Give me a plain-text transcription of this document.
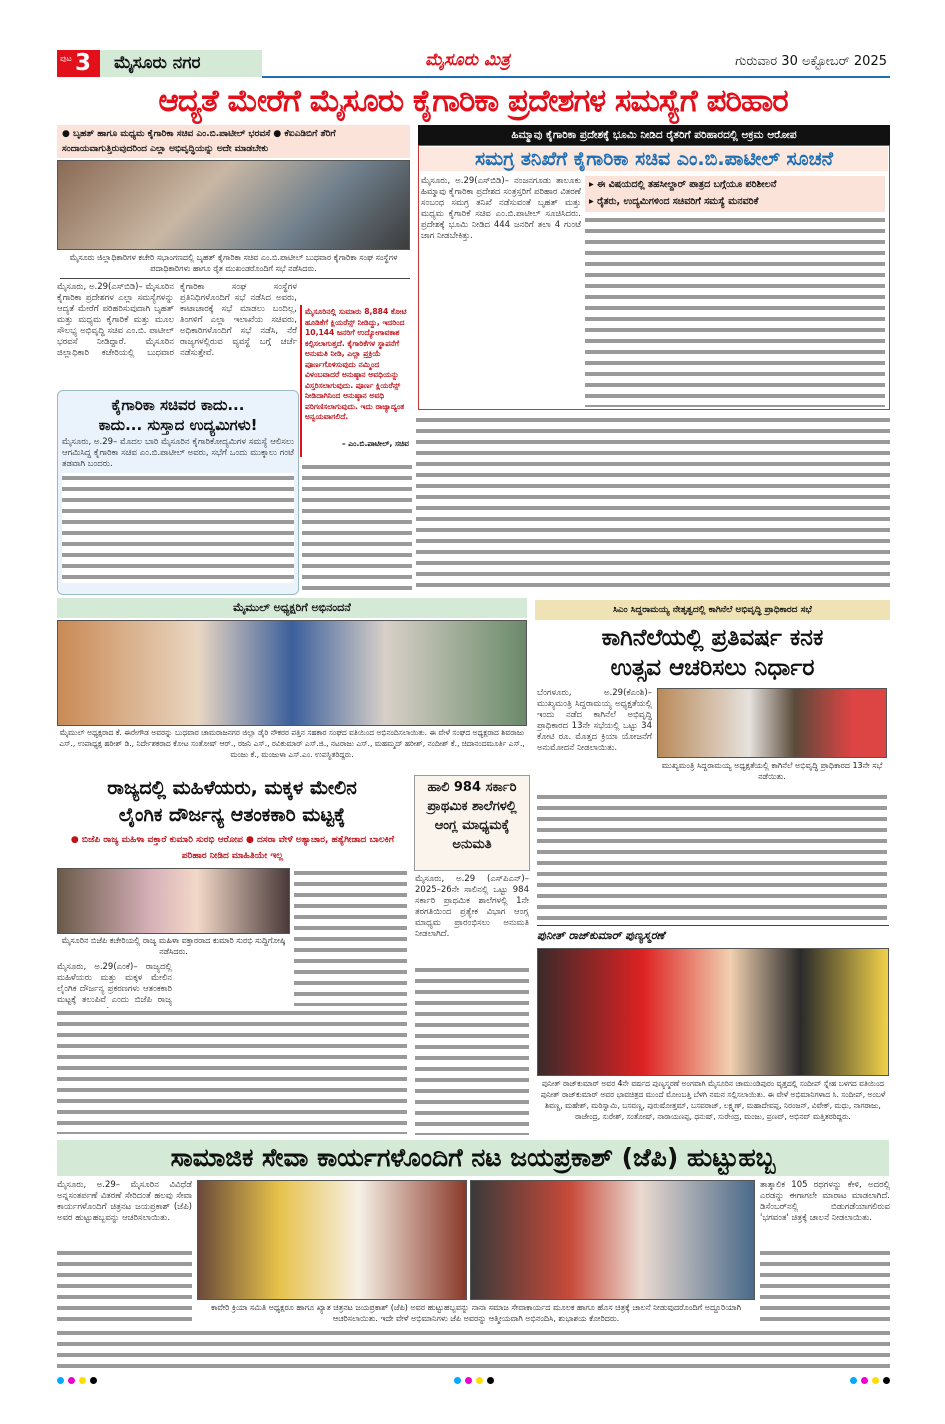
ಪುಟ 3	ಮೈಸೂರು ನಗರ	ಮೈಸೂರು ಮಿತ್ರ	ಗುರುವಾರ 30 ಅಕ್ಟೋಬರ್ 2025
ಆದ್ಯತೆ ಮೇರೆಗೆ ಮೈಸೂರು ಕೈಗಾರಿಕಾ ಪ್ರದೇಶಗಳ ಸಮಸ್ಯೆಗೆ ಪರಿಹಾರ
● ಬೃಹತ್ ಹಾಗೂ ಮಧ್ಯಮ ಕೈಗಾರಿಕಾ ಸಚಿವ ಎಂ.ಬಿ.ಪಾಟೀಲ್ ಭರವಸೆ ● ಕೆಐಎಡಿಬಿಗೆ ತೆರಿಗೆ ಸಂದಾಯವಾಗುತ್ತಿರುವುದರಿಂದ ಎಲ್ಲಾ ಅಭಿವೃದ್ಧಿಯನ್ನು ಅದೇ ಮಾಡಬೇಕು
ಮೈಸೂರು ಜಿಲ್ಲಾಧಿಕಾರಿಗಳ ಕಚೇರಿ ಸಭಾಂಗಣದಲ್ಲಿ ಬೃಹತ್ ಕೈಗಾರಿಕಾ ಸಚಿವ ಎಂ.ಬಿ.ಪಾಟೀಲ್ ಬುಧವಾರ ಕೈಗಾರಿಕಾ ಸಂಘ ಸಂಸ್ಥೆಗಳ ಪದಾಧಿಕಾರಿಗಳು ಹಾಗೂ ರೈತ ಮುಖಂಡರೊಂದಿಗೆ ಸಭೆ ನಡೆಸಿದರು.
ಮೈಸೂರು, ಅ.29(ಎಸ್‌ಬಿಡಿ)– ಮೈಸೂರಿನ ಕೈಗಾರಿಕಾ ಪ್ರದೇಶಗಳ ಎಲ್ಲಾ ಸಮಸ್ಯೆಗಳನ್ನು ಆದ್ಯತೆ ಮೇರೆಗೆ ಪರಿಹರಿಸುವುದಾಗಿ ಬೃಹತ್ ಮತ್ತು ಮಧ್ಯಮ ಕೈಗಾರಿಕೆ ಮತ್ತು ಮೂಲ ಸೌಲಭ್ಯ ಅಭಿವೃದ್ಧಿ ಸಚಿವ ಎಂ.ಬಿ. ಪಾಟೀಲ್ ಭರವಸೆ ನೀಡಿದ್ದಾರೆ. ಮೈಸೂರಿನ ಜಿಲ್ಲಾಧಿಕಾರಿ ಕಚೇರಿಯಲ್ಲಿ ಬುಧವಾರ ಕೈಗಾರಿಕಾ ಸಂಘ ಸಂಸ್ಥೆಗಳ ಪ್ರತಿನಿಧಿಗಳೊಂದಿಗೆ ಸಭೆ ನಡೆಸಿದ ಅವರು, ಕಾಟಾಚಾರಕ್ಕೆ ಸಭೆ ಮಾಡಲು ಬಂದಿಲ್ಲ, ತಿಂಗಳಿಗೆ ಎಲ್ಲಾ ಇಲಾಖೆಯ ಸಚಿವರು, ಅಧಿಕಾರಿಗಳೊಂದಿಗೆ ಸಭೆ ನಡೆಸಿ, ನೆರೆ ರಾಜ್ಯಗಳಲ್ಲಿರುವ ವ್ಯವಸ್ಥೆ ಬಗ್ಗೆ ಚರ್ಚೆ ನಡೆಸುತ್ತೇವೆ.
ಮೈಸೂರಿನಲ್ಲಿ ಸುಮಾರು 8,884 ಕೋಟಿ ಹೂಡಿಕೆಗೆ ಕ್ಲಿಯರೆನ್ಸ್ ನೀಡಿದ್ದು, ಇದರಿಂದ 10,144 ಜನರಿಗೆ ಉದ್ಯೋಗಾವಕಾಶ ಕಲ್ಪಿಸಲಾಗುತ್ತದೆ. ಕೈಗಾರಿಕೆಗಳ ಸ್ಥಾಪನೆಗೆ ಅನುಮತಿ ನೀಡಿ, ಎಲ್ಲಾ ಪ್ರಕ್ರಿಯೆ ಪೂರ್ಣಗೊಳಿಸುವುದು ನಮ್ಮಿಂದ ವಿಳಂಬವಾದರೆ ಅನುಷ್ಠಾನ ಅವಧಿಯನ್ನು ವಿಸ್ತರಿಸಲಾಗುವುದು. ಪೂರ್ಣ ಕ್ಲಿಯರೆನ್ಸ್ ನೀಡಿದಾಗಿನಿಂದ ಅನುಷ್ಠಾನ ಅವಧಿ ಪರಿಗಣಿಸಲಾಗುವುದು. ಇದು ರಾಜ್ಯಾದ್ಯಂತ ಅನ್ವಯವಾಗಲಿದೆ.
– ಎಂ.ಬಿ.ಪಾಟೀಲ್, ಸಚಿವ
ಕೈಗಾರಿಕಾ ಸಚಿವರ ಕಾದು...
ಕಾದು... ಸುಸ್ತಾದ ಉದ್ಯಮಿಗಳು!
ಮೈಸೂರು, ಅ.29– ಮೊದಲ ಬಾರಿ ಮೈಸೂರಿನ ಕೈಗಾರಿಕೋದ್ಯಮಿಗಳ ಸಮಸ್ಯೆ ಆಲಿಸಲು ಆಗಮಿಸಿದ್ದ ಕೈಗಾರಿಕಾ ಸಚಿವ ಎಂ.ಬಿ.ಪಾಟೀಲ್ ಅವರು, ಸಭೆಗೆ ಒಂದು ಮುಕ್ಕಾಲು ಗಂಟೆ ತಡವಾಗಿ ಬಂದರು.
ಹಿಮ್ಮಾವು ಕೈಗಾರಿಕಾ ಪ್ರದೇಶಕ್ಕೆ ಭೂಮಿ ನೀಡಿದ ರೈತರಿಗೆ ಪರಿಹಾರದಲ್ಲಿ ಅಕ್ರಮ ಆರೋಪ
ಸಮಗ್ರ ತನಿಖೆಗೆ ಕೈಗಾರಿಕಾ ಸಚಿವ ಎಂ.ಬಿ.ಪಾಟೀಲ್ ಸೂಚನೆ
ಮೈಸೂರು, ಅ.29(ಎಸ್‌ಬಿಡಿ)– ನಂಜನಗೂಡು ತಾಲೂಕು ಹಿಮ್ಮಾವು ಕೈಗಾರಿಕಾ ಪ್ರದೇಶದ ಸಂತ್ರಸ್ತರಿಗೆ ಪರಿಹಾರ ವಿತರಣೆ ಸಂಬಂಧ ಸಮಗ್ರ ತನಿಖೆ ನಡೆಸುವಂತೆ ಬೃಹತ್ ಮತ್ತು ಮಧ್ಯಮ ಕೈಗಾರಿಕೆ ಸಚಿವ ಎಂ.ಬಿ.ಪಾಟೀಲ್ ಸೂಚಿಸಿದರು. ಪ್ರದೇಶಕ್ಕೆ ಭೂಮಿ ನೀಡಿದ 444 ಜನರಿಗೆ ತಲಾ 4 ಗುಂಟೆ ಜಾಗ ನೀಡಬೇಕಿತ್ತು.
▸ ಈ ವಿಷಯದಲ್ಲಿ ತಹಸೀಲ್ದಾರ್ ಪಾತ್ರದ ಬಗ್ಗೆಯೂ ಪರಿಶೀಲನೆ
▸ ರೈತರು, ಉದ್ಯಮಿಗಳಿಂದ ಸಚಿವರಿಗೆ ಸಮಸ್ಯೆ ಮನವರಿಕೆ
ಮೈಮುಲ್ ಅಧ್ಯಕ್ಷರಿಗೆ ಅಭಿನಂದನೆ
ಮೈಮುಲ್ ಅಧ್ಯಕ್ಷರಾದ ಕೆ. ಈರೇಗೌಡ ಅವರನ್ನು ಬುಧವಾರ ಚಾಮರಾಜನಗರ ಜಿಲ್ಲಾ ಡೈರಿ ನೌಕರರ ಪತ್ತಿನ ಸಹಕಾರ ಸಂಘದ ವತಿಯಿಂದ ಅಭಿನಂದಿಸಲಾಯಿತು. ಈ ವೇಳೆ ಸಂಘದ ಅಧ್ಯಕ್ಷರಾದ ಶಿವರಾಜು ಎಸ್., ಉಪಾಧ್ಯಕ್ಷ ಹರೀಶ್ ಡಿ., ನಿರ್ದೇಶಕರಾದ ಕೋಟ ಸಂತೋಷ್ ಆರ್., ರಜನಿ ಎಸ್., ರವಿಕುಮಾರ್ ಎಸ್.ಜಿ., ನಟರಾಜು ಎಸ್., ಮಹಮ್ಮದ್ ಹರೀಶ್, ನಂದೀಶ್ ಕೆ., ಚಿದಾನಂದಮೂರ್ತಿ ಎಸ್., ಮಂಜು ಕೆ., ಮಂಜುಳಾ ಎಸ್.ಎಂ. ಉಪಸ್ಥಿತರಿದ್ದರು.
ಸಿಎಂ ಸಿದ್ದರಾಮಯ್ಯ ನೇತೃತ್ವದಲ್ಲಿ ಕಾಗಿನೆಲೆ ಅಭಿವೃದ್ಧಿ ಪ್ರಾಧಿಕಾರದ ಸಭೆ
ಕಾಗಿನೆಲೆಯಲ್ಲಿ ಪ್ರತಿವರ್ಷ ಕನಕ
ಉತ್ಸವ ಆಚರಿಸಲು ನಿರ್ಧಾರ
ಬೆಂಗಳೂರು, ಅ.29(ಕೆಎಂಶಿ)– ಮುಖ್ಯಮಂತ್ರಿ ಸಿದ್ದರಾಮಯ್ಯ ಅಧ್ಯಕ್ಷತೆಯಲ್ಲಿ ಇಂದು ನಡೆದ ಕಾಗಿನೆಲೆ ಅಭಿವೃದ್ಧಿ ಪ್ರಾಧಿಕಾರದ 13ನೇ ಸಭೆಯಲ್ಲಿ ಒಟ್ಟು 34 ಕೋಟಿ ರೂ. ಮೊತ್ತದ ಕ್ರಿಯಾ ಯೋಜನೆಗೆ ಅನುಮೋದನೆ ನೀಡಲಾಯಿತು.
ಮುಖ್ಯಮಂತ್ರಿ ಸಿದ್ದರಾಮಯ್ಯ ಅಧ್ಯಕ್ಷತೆಯಲ್ಲಿ ಕಾಗಿನೆಲೆ ಅಭಿವೃದ್ಧಿ ಪ್ರಾಧಿಕಾರದ 13ನೇ ಸಭೆ ನಡೆಯಿತು.
ರಾಜ್ಯದಲ್ಲಿ ಮಹಿಳೆಯರು, ಮಕ್ಕಳ ಮೇಲಿನ
ಲೈಂಗಿಕ ದೌರ್ಜನ್ಯ ಆತಂಕಕಾರಿ ಮಟ್ಟಕ್ಕೆ
● ಬಿಜೆಪಿ ರಾಜ್ಯ ಮಹಿಳಾ ವಕ್ತಾರೆ ಕುಮಾರಿ ಸುರಭಿ ಆರೋಪ ● ದಸರಾ ವೇಳೆ ಅತ್ಯಾಚಾರ, ಹತ್ಯೆಗೀಡಾದ ಬಾಲಕಿಗೆ ಪರಿಹಾರ ನೀಡಿದ ಮಾಹಿತಿಯೇ ಇಲ್ಲ
ಮೈಸೂರಿನ ಬಿಜೆಪಿ ಕಚೇರಿಯಲ್ಲಿ ರಾಜ್ಯ ಮಹಿಳಾ ವಕ್ತಾರರಾದ ಕುಮಾರಿ ಸುರಭಿ ಸುದ್ದಿಗೋಷ್ಠಿ ನಡೆಸಿದರು.
ಮೈಸೂರು, ಅ.29(ಎಂಕೆ)– ರಾಜ್ಯದಲ್ಲಿ ಮಹಿಳೆಯರು ಮತ್ತು ಮಕ್ಕಳ ಮೇಲಿನ ಲೈಂಗಿಕ ದೌರ್ಜನ್ಯ ಪ್ರಕರಣಗಳು ಆತಂಕಕಾರಿ ಮಟ್ಟಕ್ಕೆ ತಲುಪಿವೆ ಎಂದು ಬಿಜೆಪಿ ರಾಜ್ಯ
ಹಾಲಿ 984 ಸರ್ಕಾರಿ ಪ್ರಾಥಮಿಕ ಶಾಲೆಗಳಲ್ಲಿ ಆಂಗ್ಲ ಮಾಧ್ಯಮಕ್ಕೆ ಅನುಮತಿ
ಮೈಸೂರು, ಅ.29 (ಎಸ್‌ಪಿಎನ್)– 2025–26ನೇ ಸಾಲಿನಲ್ಲಿ ಒಟ್ಟು 984 ಸರ್ಕಾರಿ ಪ್ರಾಥಮಿಕ ಶಾಲೆಗಳಲ್ಲಿ 1ನೇ ತರಗತಿಯಿಂದ ಪ್ರತ್ಯೇಕ ವಿಭಾಗ ಆಂಗ್ಲ ಮಾಧ್ಯಮ ಪ್ರಾರಂಭಿಸಲು ಅನುಮತಿ ನೀಡಲಾಗಿದೆ.	ಪುನೀತ್ ರಾಜ್‌ಕುಮಾರ್ ಪುಣ್ಯಸ್ಮರಣೆ
ಪುನೀತ್ ರಾಜ್‌ಕುಮಾರ್ ಅವರ 4ನೇ ವರ್ಷದ ಪುಣ್ಯಸ್ಮರಣೆ ಅಂಗವಾಗಿ ಮೈಸೂರಿನ ಚಾಮುಂಡಿಪುರಂ ವೃತ್ತದಲ್ಲಿ ಸಂದೀಪ್ ಸ್ನೇಹ ಬಳಗದ ವತಿಯಿಂದ ಪುನೀತ್ ರಾಜ್‌ಕುಮಾರ್ ಅವರ ಭಾವಚಿತ್ರದ ಮುಂದೆ ಮೋಂಬತ್ತಿ ಬೆಳಗಿ ನಮನ ಸಲ್ಲಿಸಲಾಯಿತು. ಈ ವೇಳೆ ಅಭಿಮಾನಿಗಳಾದ ಸಿ. ಸಂದೀಪ್, ಅಂಬಳೆ ಶಿವಣ್ಣ, ಮಹೇಶ್, ಮರಿಸ್ವಾಮಿ, ಬಸವಣ್ಣ, ಪುರುಷೋತ್ತಮ್, ಬಸವರಾಜ್, ಲಕ್ಷ್ಮಣ್, ಮಹಾದೇವಪ್ಪ, ನಿರಂಜನ್, ವಿವೇಕ್, ಮಧು, ನಾಗರಾಜು, ರಾಜೇಂದ್ರ, ಸುರೇಶ್, ಸಂತೋಷ್, ನಾರಾಯಣಪ್ಪ, ಧನುಷ್, ಸುರೇಂದ್ರ, ಮಂಜು, ಪ್ರಣವ್, ಅಭಿನವ್ ಮತ್ತಿತರರಿದ್ದರು.
ಸಾಮಾಜಿಕ ಸೇವಾ ಕಾರ್ಯಗಳೊಂದಿಗೆ ನಟ ಜಯಪ್ರಕಾಶ್ (ಜೆಪಿ) ಹುಟ್ಟುಹಬ್ಬ
ಮೈಸೂರು, ಅ.29– ಮೈಸೂರಿನ ವಿವಿಧೆಡೆ ಅನ್ನಸಂತರ್ಪಣೆ ವಿತರಣೆ ಸೇರಿದಂತೆ ಹಲವು ಸೇವಾ ಕಾರ್ಯಗಳೊಂದಿಗೆ ಚಿತ್ರನಟ ಜಯಪ್ರಕಾಶ್ (ಜೆಪಿ) ಅವರ ಹುಟ್ಟುಹಬ್ಬವನ್ನು ಆಚರಿಸಲಾಯಿತು.
ಕಾವೇರಿ ಕ್ರಿಯಾ ಸಮಿತಿ ಅಧ್ಯಕ್ಷರೂ ಹಾಗೂ ಖ್ಯಾತ ಚಿತ್ರನಟ ಜಯಪ್ರಕಾಶ್ (ಜೆಪಿ) ಅವರ ಹುಟ್ಟುಹಬ್ಬವನ್ನು ನಾನಾ ಸಮಾಜ ಸೇವಾಕಾರ್ಯದ ಮೂಲಕ ಹಾಗೂ ಹೊಸ ಚಿತ್ರಕ್ಕೆ ಚಾಲನೆ ನೀಡುವುದರೊಂದಿಗೆ ಅದ್ದೂರಿಯಾಗಿ ಆಚರಿಸಲಾಯಿತು. ಇದೇ ವೇಳೆ ಅಭಿಮಾನಿಗಳು ಜೆಪಿ ಅವರನ್ನು ಆತ್ಮೀಯವಾಗಿ ಅಭಿನಂದಿಸಿ, ಶುಭಾಶಯ ಕೋರಿದರು.
ತಾತ್ಕಾಲಿಕ 105 ರಥಗಳನ್ನು ಕೇಳಿ, ಅದರಲ್ಲಿ ಎರಡನ್ನು ಈಗಾಗಲೇ ಮಾರಾಟ ಮಾಡಲಾಗಿದೆ. ಡಿಸೆಂಬರ್‌ನಲ್ಲಿ ಬಿಡುಗಡೆಯಾಗಲಿರುವ 'ಭಗವಂತ' ಚಿತ್ರಕ್ಕೆ ಚಾಲನೆ ನೀಡಲಾಯಿತು.
